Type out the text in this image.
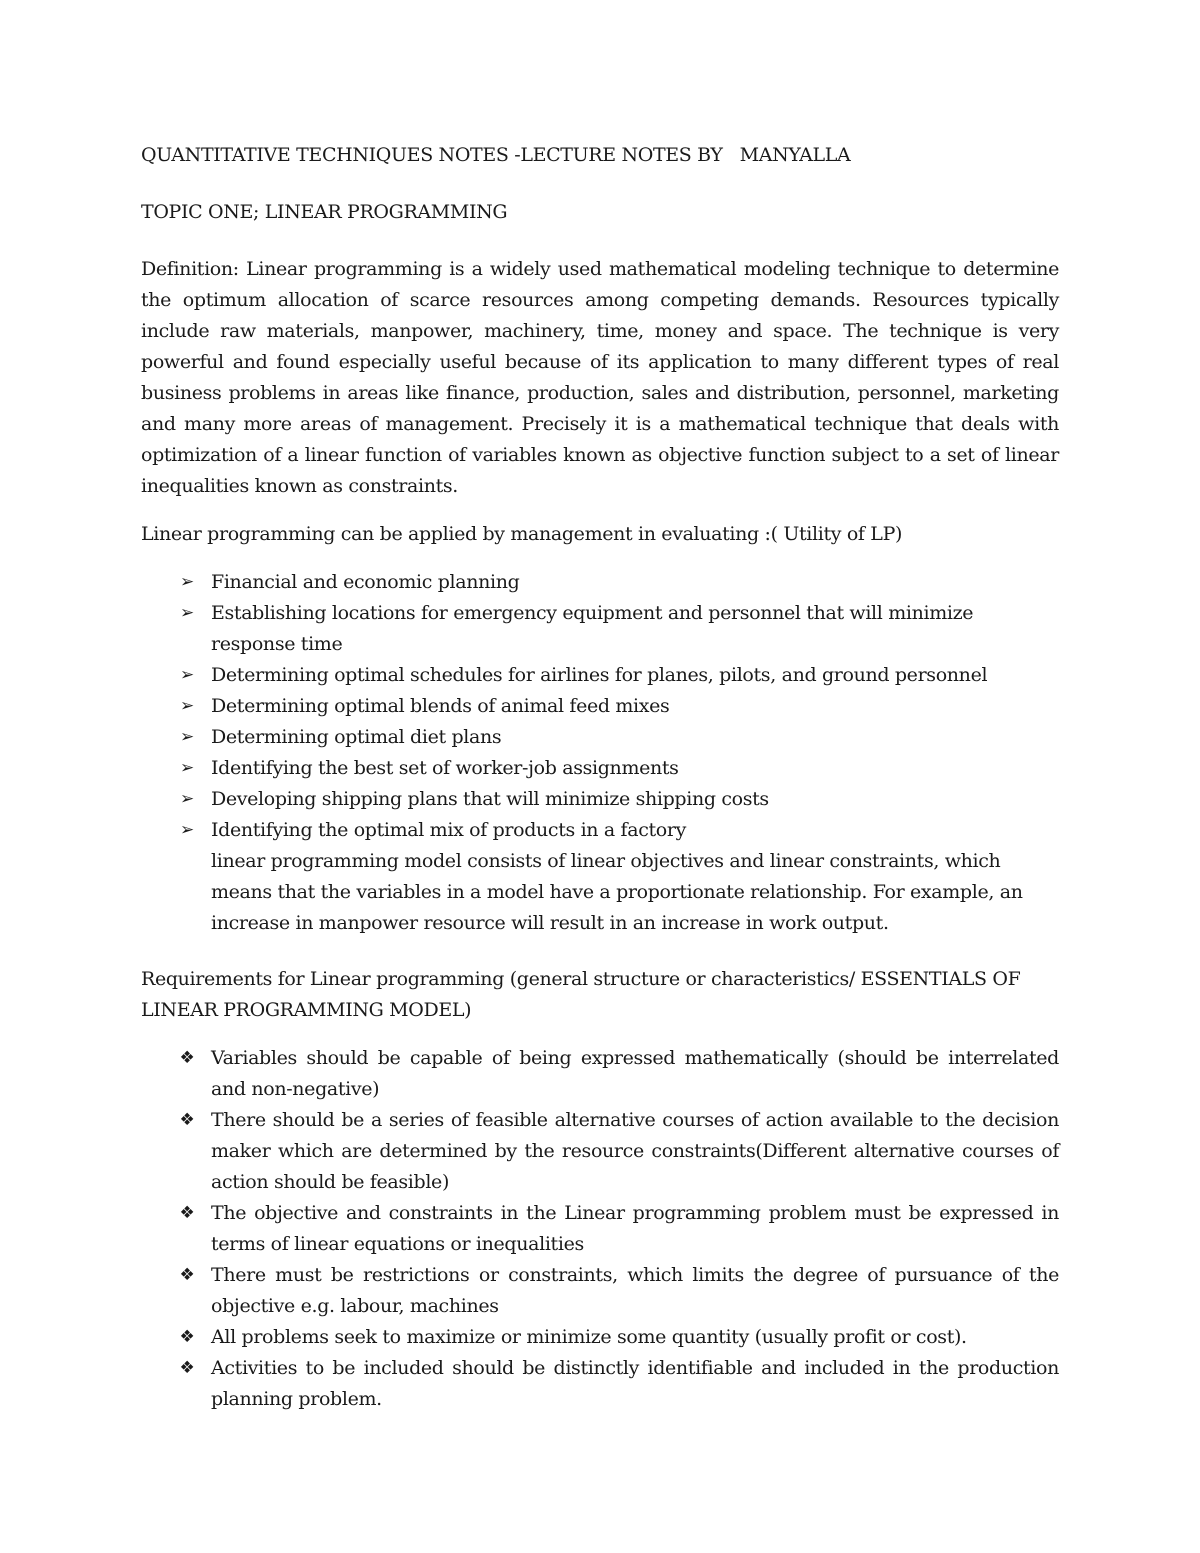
QUANTITATIVE TECHNIQUES NOTES -LECTURE NOTES BY   MANYALLA

TOPIC ONE; LINEAR PROGRAMMING

Definition: Linear programming is a widely used mathematical modeling technique to determine the optimum allocation of scarce resources among competing demands. Resources typically include raw materials, manpower, machinery, time, money and space. The technique is very powerful and found especially useful because of its application to many different types of real business problems in areas like finance, production, sales and distribution, personnel, marketing and many more areas of management. Precisely it is a mathematical technique that deals with optimization of a linear function of variables known as objective function subject to a set of linear inequalities known as constraints.

Linear programming can be applied by management in evaluating :( Utility of LP)

➢ Financial and economic planning
➢ Establishing locations for emergency equipment and personnel that will minimize response time
➢ Determining optimal schedules for airlines for planes, pilots, and ground personnel
➢ Determining optimal blends of animal feed mixes
➢ Determining optimal diet plans
➢ Identifying the best set of worker-job assignments
➢ Developing shipping plans that will minimize shipping costs
➢ Identifying the optimal mix of products in a factory

linear programming model consists of linear objectives and linear constraints, which means that the variables in a model have a proportionate relationship. For example, an increase in manpower resource will result in an increase in work output.

Requirements for Linear programming (general structure or characteristics/ ESSENTIALS OF LINEAR PROGRAMMING MODEL)

❖ Variables should be capable of being expressed mathematically (should be interrelated and non-negative)
❖ There should be a series of feasible alternative courses of action available to the decision maker which are determined by the resource constraints(Different alternative courses of action should be feasible)
❖ The objective and constraints in the Linear programming problem must be expressed in terms of linear equations or inequalities
❖ There must be restrictions or constraints, which limits the degree of pursuance of the objective e.g. labour, machines
❖ All problems seek to maximize or minimize some quantity (usually profit or cost).
❖ Activities to be included should be distinctly identifiable and included in the production planning problem.
